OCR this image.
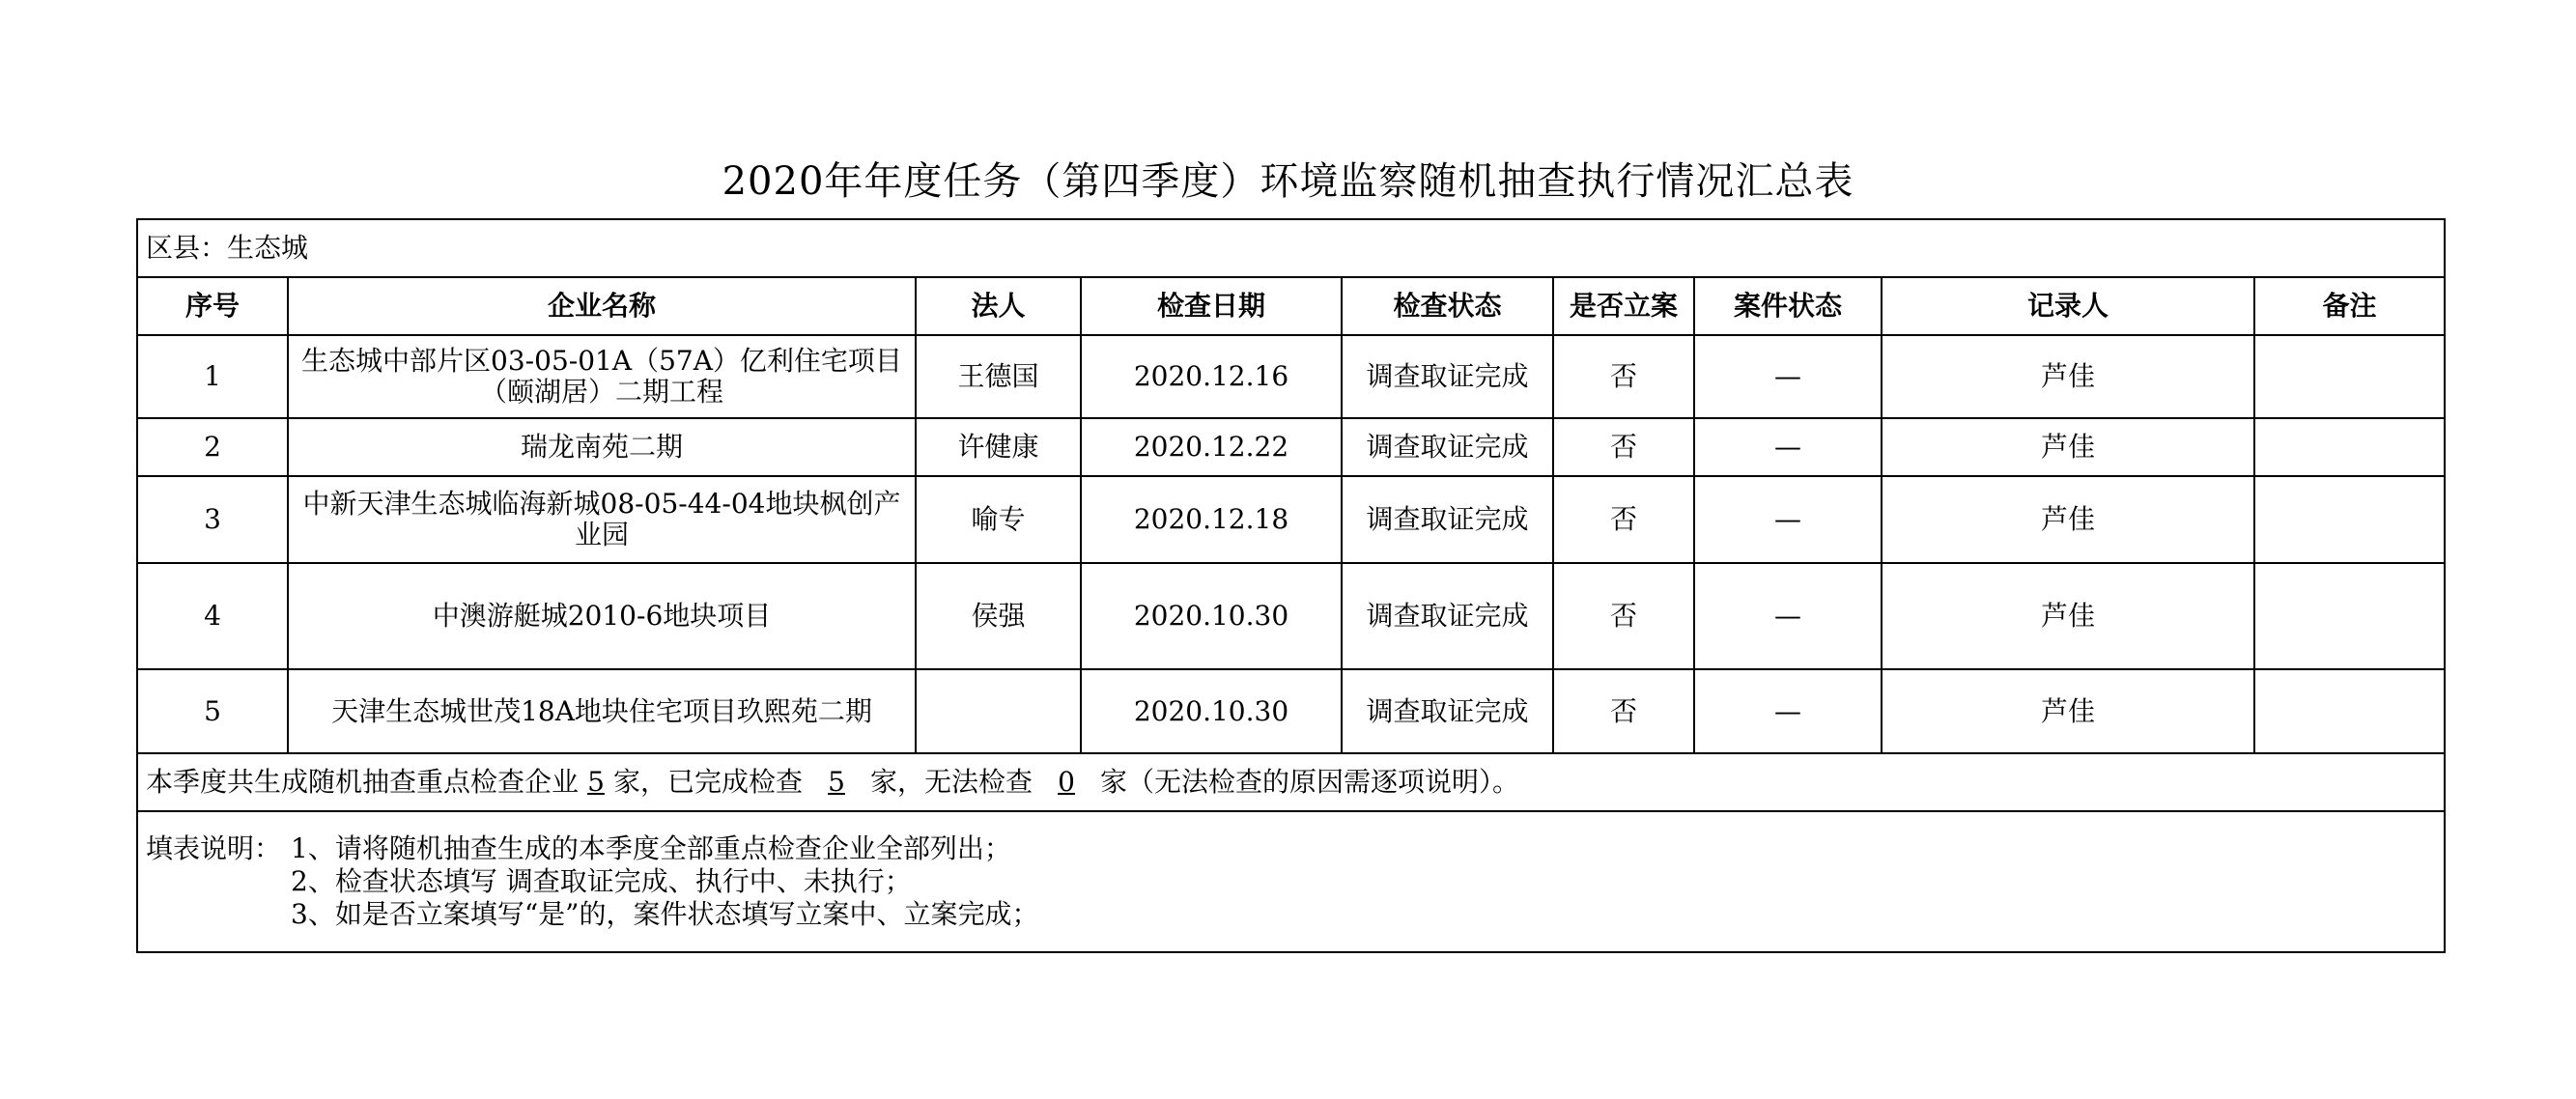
2020年年度任务（第四季度）环境监察随机抽查执行情况汇总表
区县：生态城								
序号	企业名称	法人	检查日期	检查状态	是否立案	案件状态	记录人	备注
1	生态城中部片区03-05-01A（57A）亿利住宅项目（颐湖居）二期工程	王德国	2020.12.16	调查取证完成	否	—	芦佳	
2	瑞龙南苑二期	许健康	2020.12.22	调查取证完成	否	—	芦佳	
3	中新天津生态城临海新城08-05-44-04地块枫创产业园	喻专	2020.12.18	调查取证完成	否	—	芦佳	
4	中澳游艇城2010-6地块项目	侯强	2020.10.30	调查取证完成	否	—	芦佳	
5	天津生态城世茂18A地块住宅项目玖熙苑二期		2020.10.30	调查取证完成	否	—	芦佳	
本季度共生成随机抽查重点检查企业 5 家，已完成检查 5 家，无法检查 0 家（无法检查的原因需逐项说明）。								

填表说明： 1、请将随机抽查生成的本季度全部重点检查企业全部列出；
2、检查状态填写 调查取证完成、执行中、未执行；
3、如是否立案填写“是”的，案件状态填写立案中、立案完成；								
